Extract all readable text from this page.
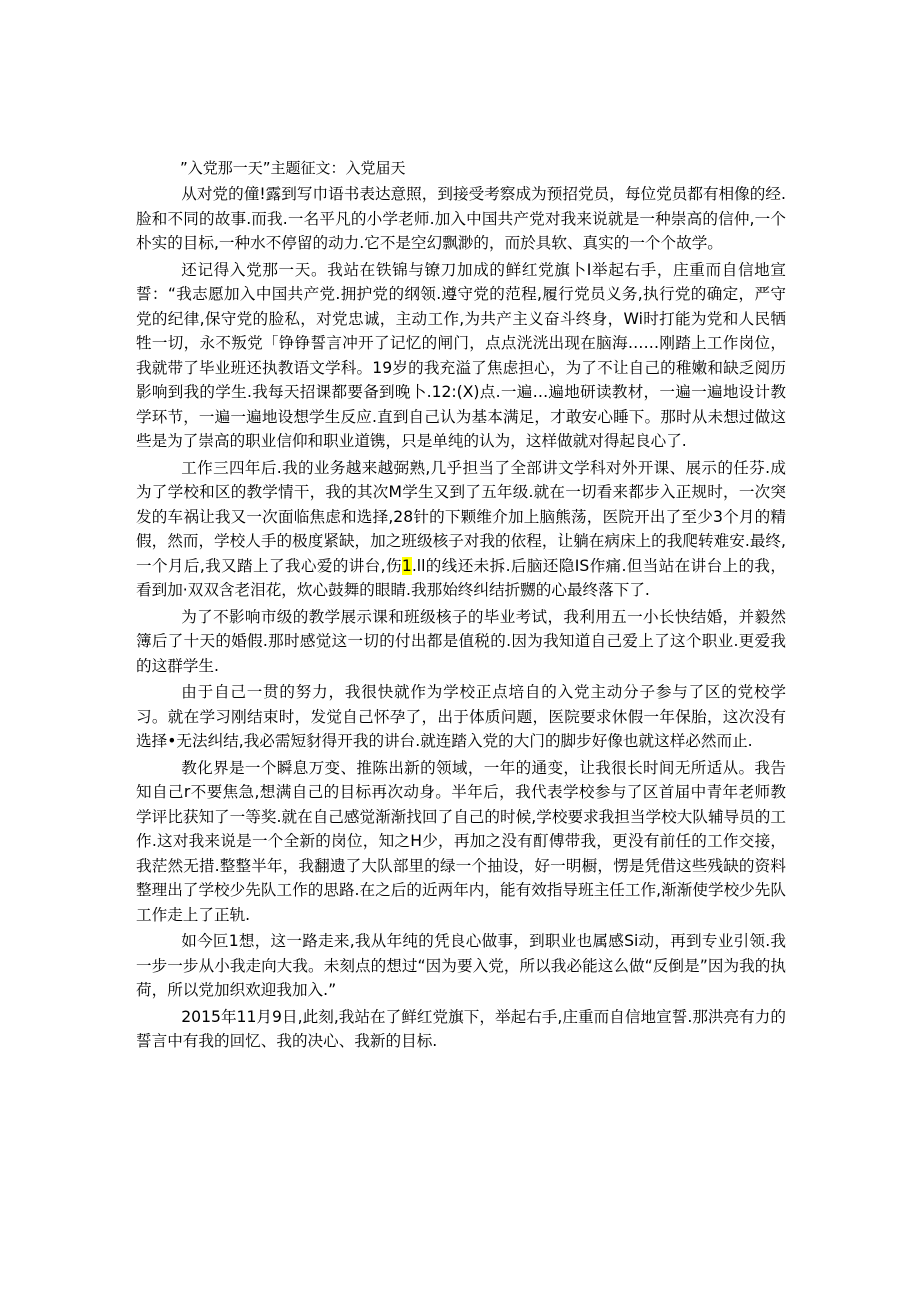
”入党那一天”主题征文：入党届天

从对党的僮!露到写巾语书表达意照，到接受考察成为预招党员，每位党员都有相像的经.脸和不同的故事.而我.一名平凡的小学老师.加入中国共产党对我来说就是一种崇高的信仲,一个朴实的目标,一种水不停留的动力.它不是空幻飘渺的，而於具软、真实的一个个故学。

还记得入党那一天。我站在铁锦与镣刀加成的鲜红党旗卜I举起右手，庄重而自信地宣誓：“我志愿加入中国共产党.拥护党的纲领.遵守党的范程,履行党员义务,执行党的确定，严守党的纪律,保守党的脸私，对党忠诚，主动工作,为共产主义奋斗终身，Wi时打能为党和人民牺牲一切，永不叛党「铮铮誓言冲开了记忆的闸门，点点洸洸出现在脑海……刚踏上工作岗位，我就带了毕业班还执教语文学科。19岁的我充溢了焦虑担心，为了不让自己的稚嫩和缺乏阅历影响到我的学生.我每天招课都要备到晚卜.12:(X)点.一遍…遍地研读教材，一遍一遍地设计教学环节，一遍一遍地设想学生反应.直到自己认为基本满足，才敢安心睡下。那时从未想过做这些是为了崇高的职业信仰和职业道镌，只是单纯的认为，这样做就对得起良心了.

工作三四年后.我的业务越来越弼熟,几乎担当了全部讲文学科对外开课、展示的任芬.成为了学校和区的教学情干，我的其次M学生又到了五年级.就在一切看来都步入正规时，一次突发的车祸让我又一次面临焦虑和选择,28针的下颗维介加上脑熊荡，医院开出了至少3个月的精假，然而，学校人手的极度紧缺，加之班级核子对我的依程，让躺在病床上的我爬转难安.最终,一个月后,我又踏上了我心爱的讲台,伤1.ll的线还未拆.后脑还隐IS作痛.但当站在讲台上的我，看到加·双双含老泪花，炊心鼓舞的眼睛.我那始终纠结折嬲的心最终落下了.

为了不影响市级的教学展示课和班级核子的毕业考试，我利用五一小长快结婚，并毅然簿后了十天的婚假.那时感觉这一切的付出都是值税的.因为我知道自己爱上了这个职业.更爱我的这群学生.

由于自己一贯的努力，我很快就作为学校正点培自的入党主动分子参与了区的党校学习。就在学习刚结束时，发觉自己怀孕了，出于体质问题，医院要求休假一年保胎，这次没有选择•无法纠结,我必需短豺得开我的讲台.就连踏入党的大门的脚步好像也就这样必然而止.

教化界是一个瞬息万变、推陈出新的领域，一年的通变，让我很长时间无所适从。我告知自己r不要焦急,想满自己的目标再次动身。半年后，我代表学校参与了区首届中青年老师教学评比获知了一等奖.就在自己感觉渐渐找回了自己的时候,学校要求我担当学校大队辅导员的工作.这对我来说是一个全新的岗位，知之H少，再加之没有酊傅带我，更没有前任的工作交接，我茫然无措.整整半年，我翻遗了大队部里的绿一个抽设，好一明橱，愣是凭借这些残缺的资料整理出了学校少先队工作的思路.在之后的近两年内，能有效指导班主任工作,渐渐使学校少先队工作走上了正轨.

如今叵1想，这一路走来,我从年纯的凭良心做事，到职业也属感Si动，再到专业引领.我一步一步从小我走向大我。未刻点的想过“因为要入党，所以我必能这么做“反倒是”因为我的执荷，所以党加织欢迎我加入.”

2015年11月9日,此刻,我站在了鲜红党旗下，举起右手,庄重而自信地宣誓.那洪亮有力的誓言中有我的回忆、我的决心、我新的目标.
